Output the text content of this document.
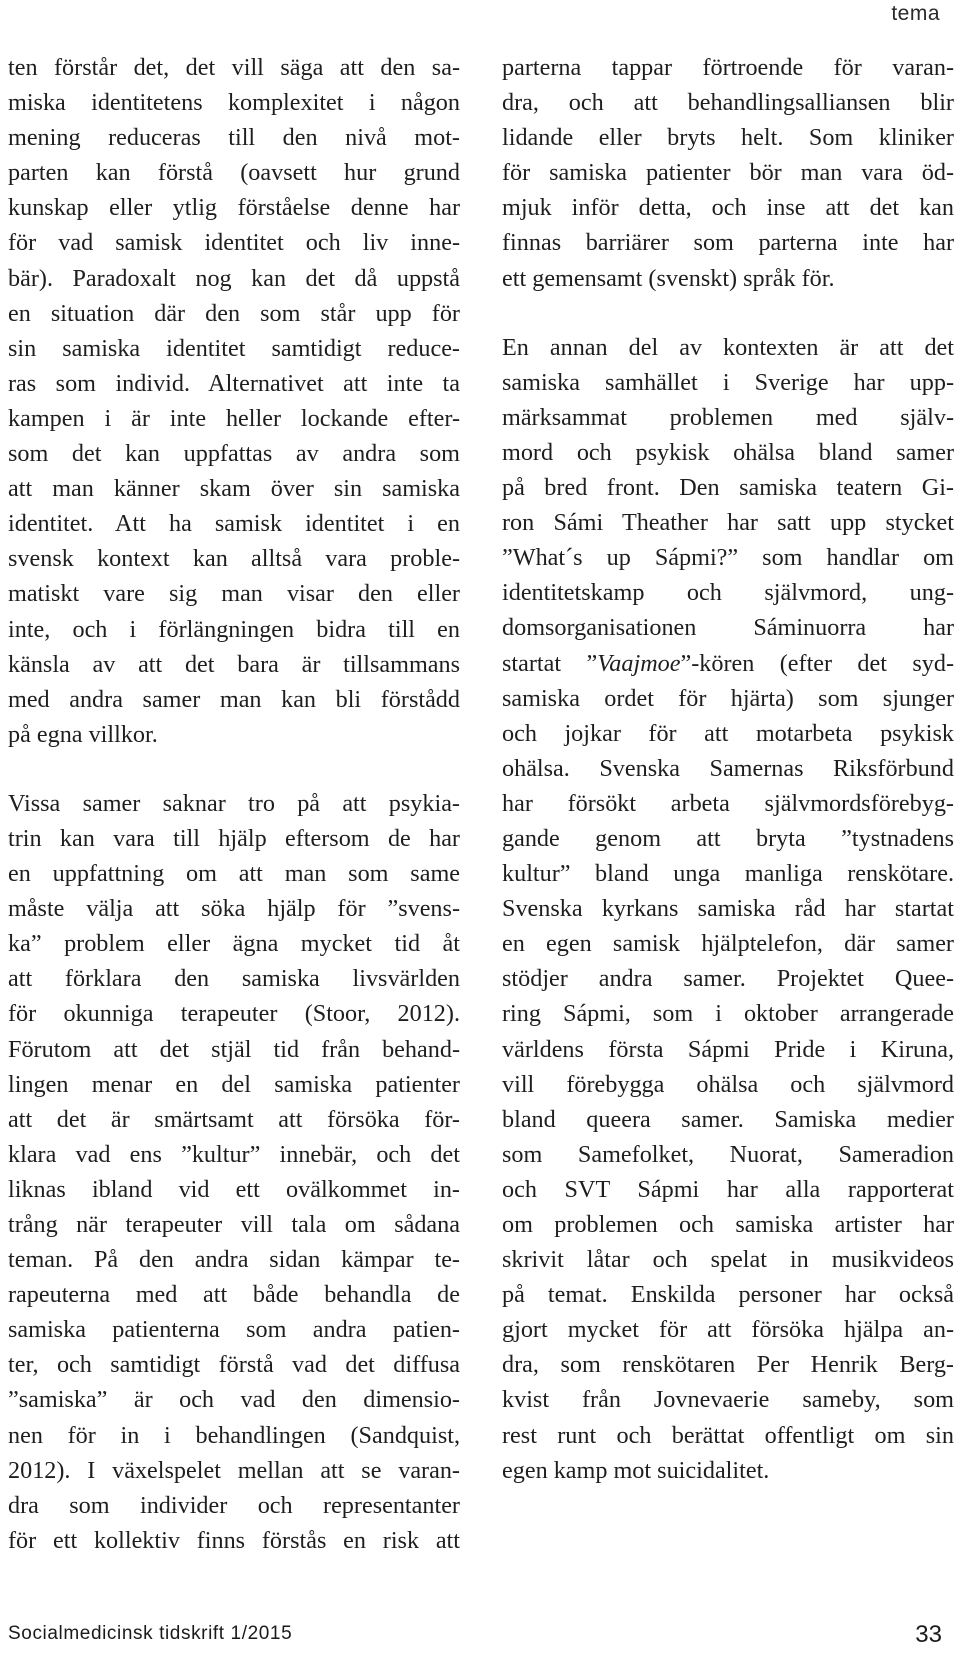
tema
ten förstår det, det vill säga att den sa-
miska identitetens komplexitet i någon
mening reduceras till den nivå mot-
parten kan förstå (oavsett hur grund
kunskap eller ytlig förståelse denne har
för vad samisk identitet och liv inne-
bär). Paradoxalt nog kan det då uppstå
en situation där den som står upp för
sin samiska identitet samtidigt reduce-
ras som individ. Alternativet att inte ta
kampen i är inte heller lockande efter-
som det kan uppfattas av andra som
att man känner skam över sin samiska
identitet. Att ha samisk identitet i en
svensk kontext kan alltså vara proble-
matiskt vare sig man visar den eller
inte, och i förlängningen bidra till en
känsla av att det bara är tillsammans
med andra samer man kan bli förstådd
på egna villkor.
Vissa samer saknar tro på att psykia-
trin kan vara till hjälp eftersom de har
en uppfattning om att man som same
måste välja att söka hjälp för ”svens-
ka” problem eller ägna mycket tid åt
att förklara den samiska livsvärlden
för okunniga terapeuter (Stoor, 2012).
Förutom att det stjäl tid från behand-
lingen menar en del samiska patienter
att det är smärtsamt att försöka för-
klara vad ens ”kultur” innebär, och det
liknas ibland vid ett ovälkommet in-
trång när terapeuter vill tala om sådana
teman. På den andra sidan kämpar te-
rapeuterna med att både behandla de
samiska patienterna som andra patien-
ter, och samtidigt förstå vad det diffusa
”samiska” är och vad den dimensio-
nen för in i behandlingen (Sandquist,
2012). I växelspelet mellan att se varan-
dra som individer och representanter
för ett kollektiv finns förstås en risk att
parterna tappar förtroende för varan-
dra, och att behandlingsalliansen blir
lidande eller bryts helt. Som kliniker
för samiska patienter bör man vara öd-
mjuk inför detta, och inse att det kan
finnas barriärer som parterna inte har
ett gemensamt (svenskt) språk för.
En annan del av kontexten är att det
samiska samhället i Sverige har upp-
märksammat problemen med själv-
mord och psykisk ohälsa bland samer
på bred front. Den samiska teatern Gi-
ron Sámi Theather har satt upp stycket
”What´s up Sápmi?” som handlar om
identitetskamp och självmord, ung-
domsorganisationen Sáminuorra har
startat ”Vaajmoe”-kören (efter det syd-
samiska ordet för hjärta) som sjunger
och jojkar för att motarbeta psykisk
ohälsa. Svenska Samernas Riksförbund
har försökt arbeta självmordsförebyg-
gande genom att bryta ”tystnadens
kultur” bland unga manliga renskötare.
Svenska kyrkans samiska råd har startat
en egen samisk hjälptelefon, där samer
stödjer andra samer. Projektet Quee-
ring Sápmi, som i oktober arrangerade
världens första Sápmi Pride i Kiruna,
vill förebygga ohälsa och självmord
bland queera samer. Samiska medier
som Samefolket, Nuorat, Sameradion
och SVT Sápmi har alla rapporterat
om problemen och samiska artister har
skrivit låtar och spelat in musikvideos
på temat. Enskilda personer har också
gjort mycket för att försöka hjälpa an-
dra, som renskötaren Per Henrik Berg-
kvist från Jovnevaerie sameby, som
rest runt och berättat offentligt om sin
egen kamp mot suicidalitet.
Socialmedicinsk tidskrift 1/2015	33
